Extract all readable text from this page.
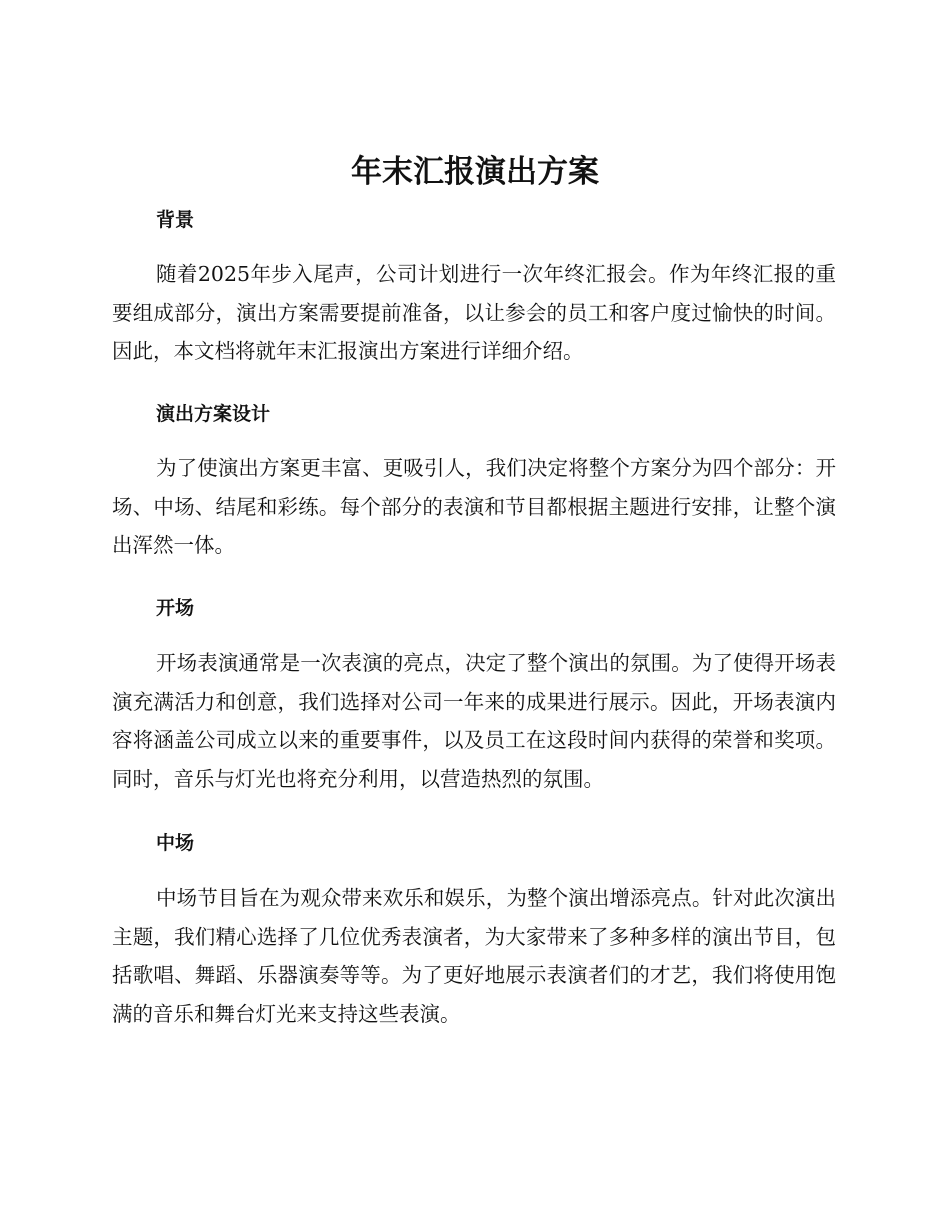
年末汇报演出方案
背景

随着2025年步入尾声，公司计划进行一次年终汇报会。作为年终汇报的重要组成部分，演出方案需要提前准备，以让参会的员工和客户度过愉快的时间。因此，本文档将就年末汇报演出方案进行详细介绍。

演出方案设计

为了使演出方案更丰富、更吸引人，我们决定将整个方案分为四个部分：开场、中场、结尾和彩练。每个部分的表演和节目都根据主题进行安排，让整个演出浑然一体。

开场

开场表演通常是一次表演的亮点，决定了整个演出的氛围。为了使得开场表演充满活力和创意，我们选择对公司一年来的成果进行展示。因此，开场表演内容将涵盖公司成立以来的重要事件，以及员工在这段时间内获得的荣誉和奖项。同时，音乐与灯光也将充分利用，以营造热烈的氛围。

中场

中场节目旨在为观众带来欢乐和娱乐，为整个演出增添亮点。针对此次演出主题，我们精心选择了几位优秀表演者，为大家带来了多种多样的演出节目，包括歌唱、舞蹈、乐器演奏等等。为了更好地展示表演者们的才艺，我们将使用饱满的音乐和舞台灯光来支持这些表演。
